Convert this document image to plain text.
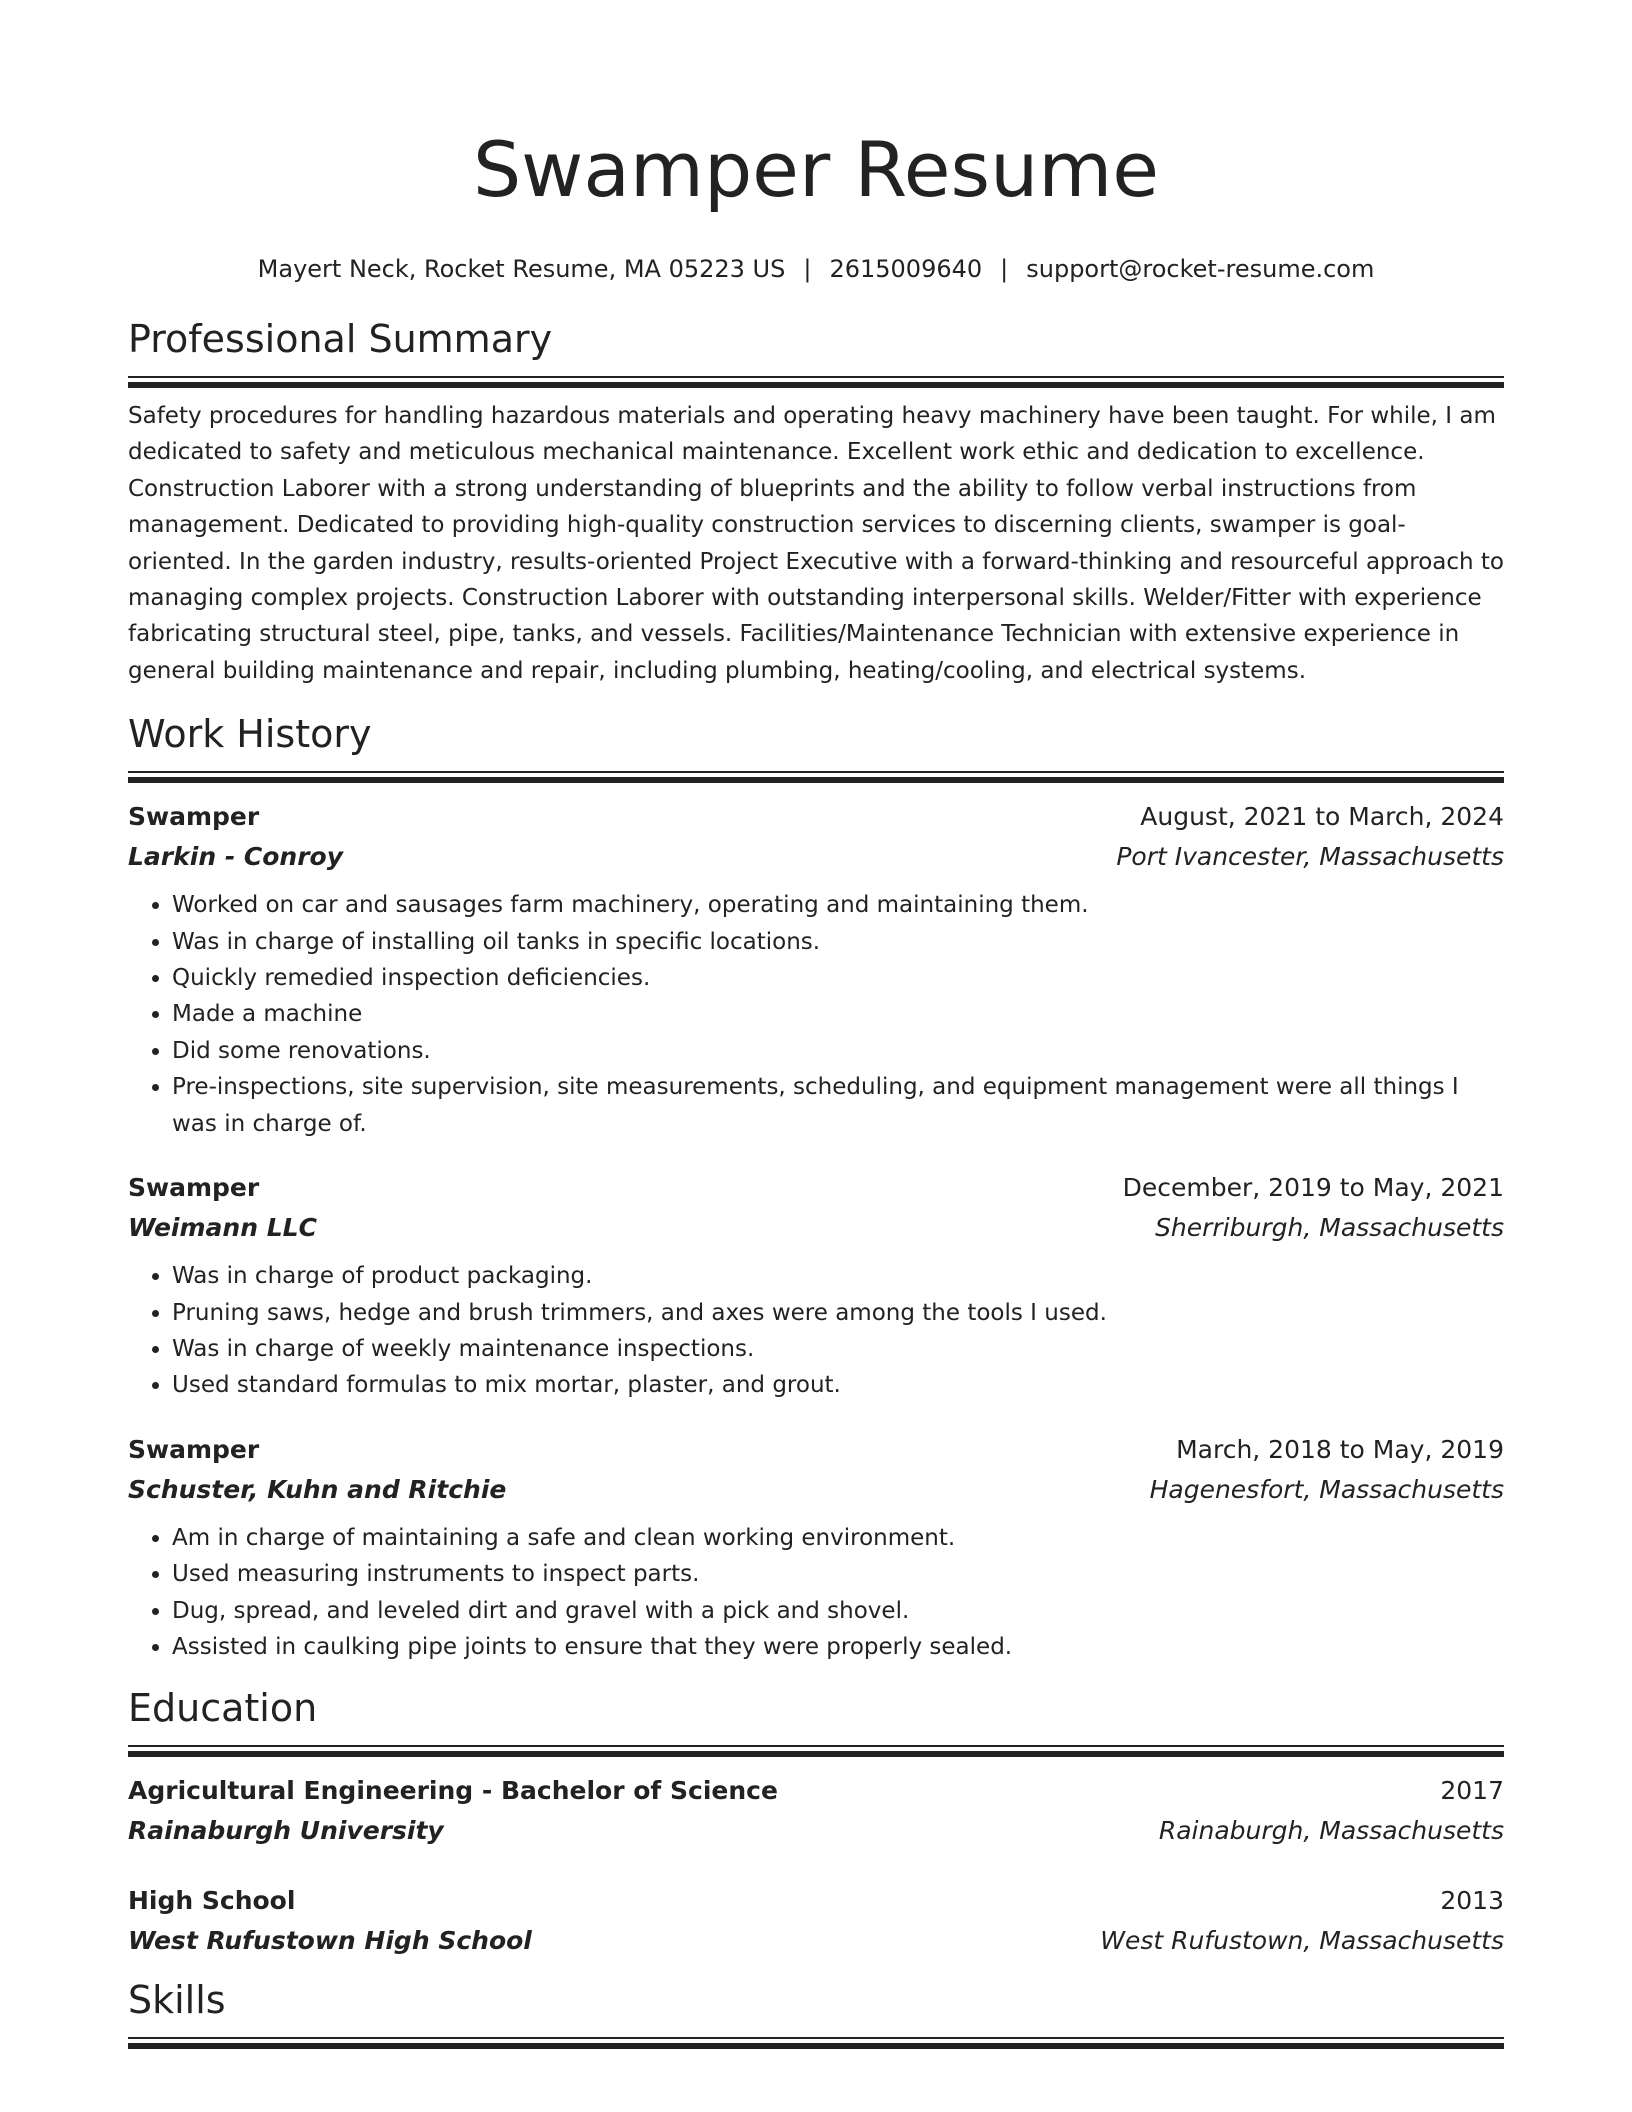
Swamper Resume
Mayert Neck, Rocket Resume, MA 05223 US | 2615009640 | support@rocket-resume.com
Professional Summary

Safety procedures for handling hazardous materials and operating heavy machinery have been taught. For while, I am dedicated to safety and meticulous mechanical maintenance. Excellent work ethic and dedication to excellence. Construction Laborer with a strong understanding of blueprints and the ability to follow verbal instructions from management. Dedicated to providing high-quality construction services to discerning clients, swamper is goal-oriented. In the garden industry, results-oriented Project Executive with a forward-thinking and resourceful approach to managing complex projects. Construction Laborer with outstanding interpersonal skills. Welder/Fitter with experience fabricating structural steel, pipe, tanks, and vessels. Facilities/Maintenance Technician with extensive experience in general building maintenance and repair, including plumbing, heating/cooling, and electrical systems.

Work History
Swamper	August, 2021 to March, 2024
Larkin - Conroy	Port Ivancester, Massachusetts
• Worked on car and sausages farm machinery, operating and maintaining them.
• Was in charge of installing oil tanks in specific locations.
• Quickly remedied inspection deficiencies.
• Made a machine
• Did some renovations.
• Pre-inspections, site supervision, site measurements, scheduling, and equipment management were all things I was in charge of.
Swamper	December, 2019 to May, 2021
Weimann LLC	Sherriburgh, Massachusetts
• Was in charge of product packaging.
• Pruning saws, hedge and brush trimmers, and axes were among the tools I used.
• Was in charge of weekly maintenance inspections.
• Used standard formulas to mix mortar, plaster, and grout.
Swamper	March, 2018 to May, 2019
Schuster, Kuhn and Ritchie	Hagenesfort, Massachusetts
• Am in charge of maintaining a safe and clean working environment.
• Used measuring instruments to inspect parts.
• Dug, spread, and leveled dirt and gravel with a pick and shovel.
• Assisted in caulking pipe joints to ensure that they were properly sealed.
Education
Agricultural Engineering - Bachelor of Science	2017
Rainaburgh University	Rainaburgh, Massachusetts
High School	2013
West Rufustown High School	West Rufustown, Massachusetts
Skills
